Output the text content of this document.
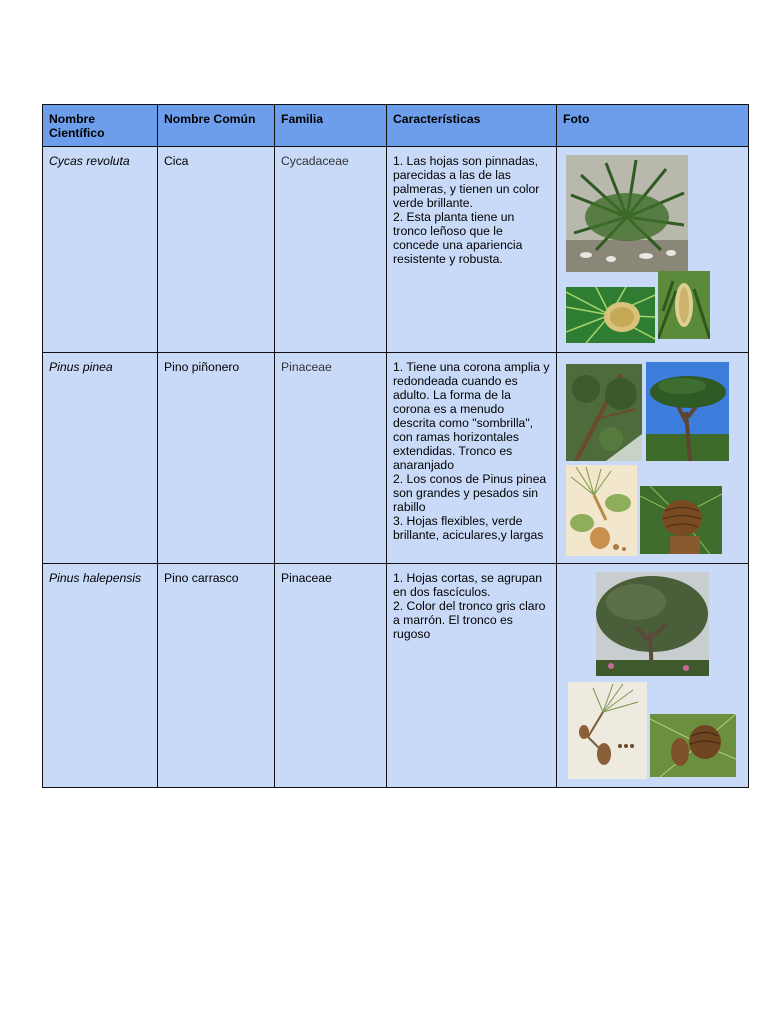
Nombre Científico	Nombre Común	Familia	Características	Foto
Cycas revoluta	Cica	Cycadaceae	1. Las hojas son pinnadas, parecidas a las de las palmeras, y tienen un color verde brillante.
2. Esta planta tiene un tronco leñoso que le concede una apariencia resistente y robusta.

Pinus pinea	Pino piñonero	Pinaceae	1. Tiene una corona amplia y redondeada cuando es adulto. La forma de la corona es a menudo descrita como "sombrilla", con ramas horizontales extendidas. Tronco es anaranjado
2. Los conos de Pinus pinea son grandes y pesados sin rabillo
3. Hojas flexibles, verde brillante, aciculares,y largas

Pinus halepensis	Pino carrasco	Pinaceae	1. Hojas cortas, se agrupan en dos fascículos.
2. Color del tronco gris claro a marrón. El tronco es rugoso
